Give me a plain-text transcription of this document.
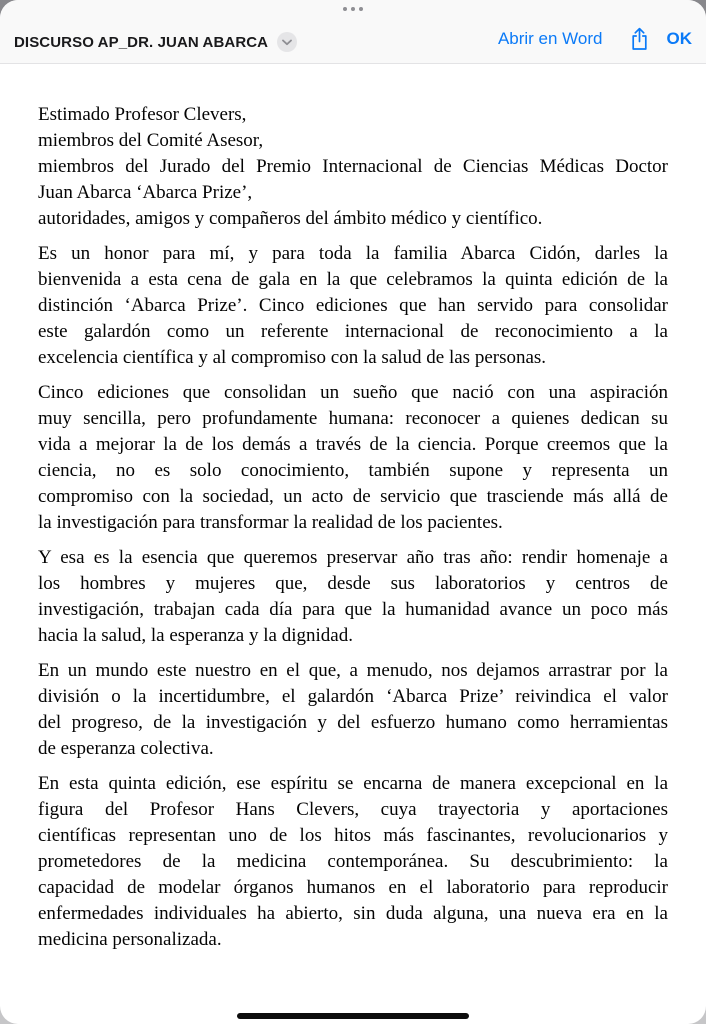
DISCURSO AP_DR. JUAN ABARCA	Abrir en Word	OK
Estimado Profesor Clevers,
miembros del Comité Asesor,
miembros del Jurado del Premio Internacional de Ciencias Médicas Doctor
Juan Abarca ‘Abarca Prize’,
autoridades, amigos y compañeros del ámbito médico y científico.
Es un honor para mí, y para toda la familia Abarca Cidón, darles la
bienvenida a esta cena de gala en la que celebramos la quinta edición de la
distinción ‘Abarca Prize’. Cinco ediciones que han servido para consolidar
este galardón como un referente internacional de reconocimiento a la
excelencia científica y al compromiso con la salud de las personas.
Cinco ediciones que consolidan un sueño que nació con una aspiración
muy sencilla, pero profundamente humana: reconocer a quienes dedican su
vida a mejorar la de los demás a través de la ciencia. Porque creemos que la
ciencia, no es solo conocimiento, también supone y representa un
compromiso con la sociedad, un acto de servicio que trasciende más allá de
la investigación para transformar la realidad de los pacientes.
Y esa es la esencia que queremos preservar año tras año: rendir homenaje a
los hombres y mujeres que, desde sus laboratorios y centros de
investigación, trabajan cada día para que la humanidad avance un poco más
hacia la salud, la esperanza y la dignidad.
En un mundo este nuestro en el que, a menudo, nos dejamos arrastrar por la
división o la incertidumbre, el galardón ‘Abarca Prize’ reivindica el valor
del progreso, de la investigación y del esfuerzo humano como herramientas
de esperanza colectiva.
En esta quinta edición, ese espíritu se encarna de manera excepcional en la
figura del Profesor Hans Clevers, cuya trayectoria y aportaciones
científicas representan uno de los hitos más fascinantes, revolucionarios y
prometedores de la medicina contemporánea. Su descubrimiento: la
capacidad de modelar órganos humanos en el laboratorio para reproducir
enfermedades individuales ha abierto, sin duda alguna, una nueva era en la
medicina personalizada.
